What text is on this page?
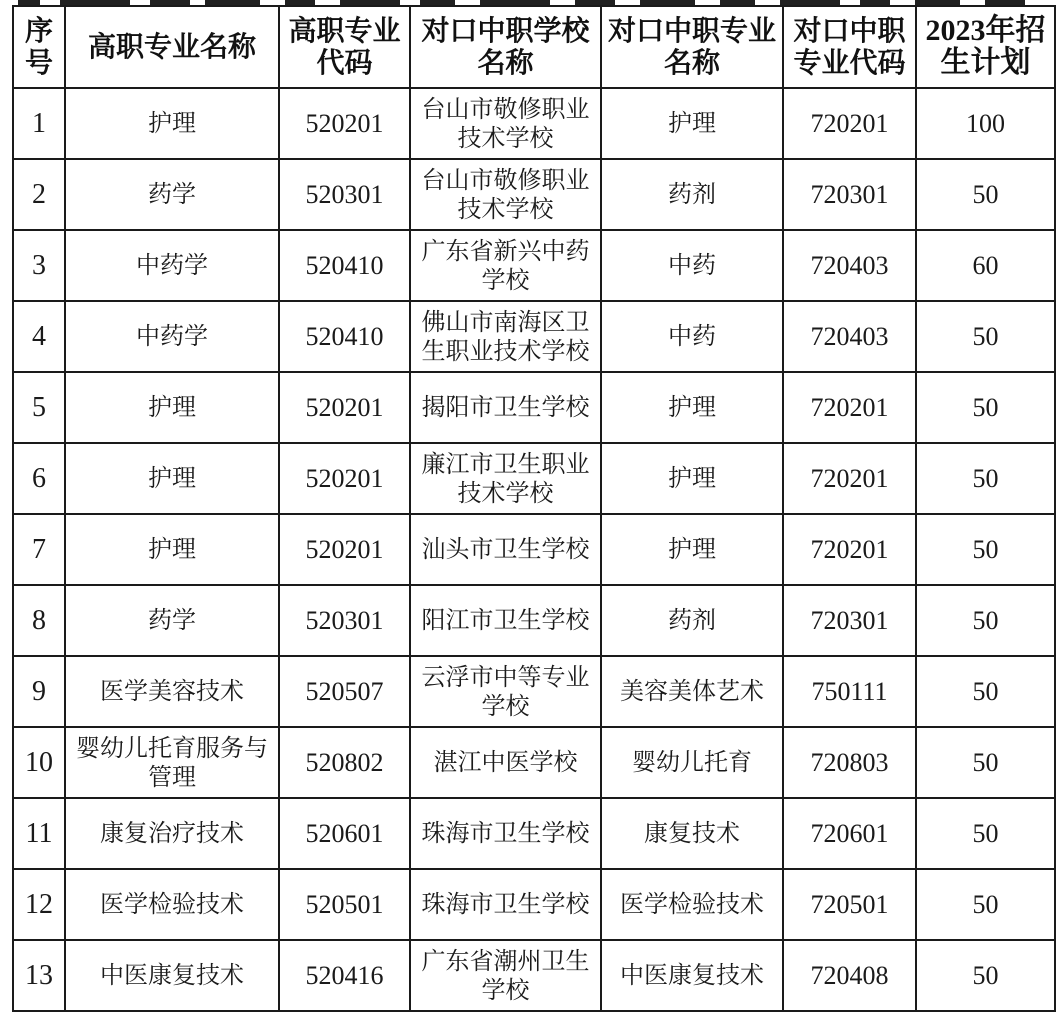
序号	高职专业名称	高职专业代码	对口中职学校名称	对口中职专业名称	对口中职专业代码	2023年招生计划
1	护理	520201	台山市敬修职业技术学校	护理	720201	100
2	药学	520301	台山市敬修职业技术学校	药剂	720301	50
3	中药学	520410	广东省新兴中药学校	中药	720403	60
4	中药学	520410	佛山市南海区卫生职业技术学校	中药	720403	50
5	护理	520201	揭阳市卫生学校	护理	720201	50
6	护理	520201	廉江市卫生职业技术学校	护理	720201	50
7	护理	520201	汕头市卫生学校	护理	720201	50
8	药学	520301	阳江市卫生学校	药剂	720301	50
9	医学美容技术	520507	云浮市中等专业学校	美容美体艺术	750111	50
10	婴幼儿托育服务与管理	520802	湛江中医学校	婴幼儿托育	720803	50
11	康复治疗技术	520601	珠海市卫生学校	康复技术	720601	50
12	医学检验技术	520501	珠海市卫生学校	医学检验技术	720501	50
13	中医康复技术	520416	广东省潮州卫生学校	中医康复技术	720408	50
